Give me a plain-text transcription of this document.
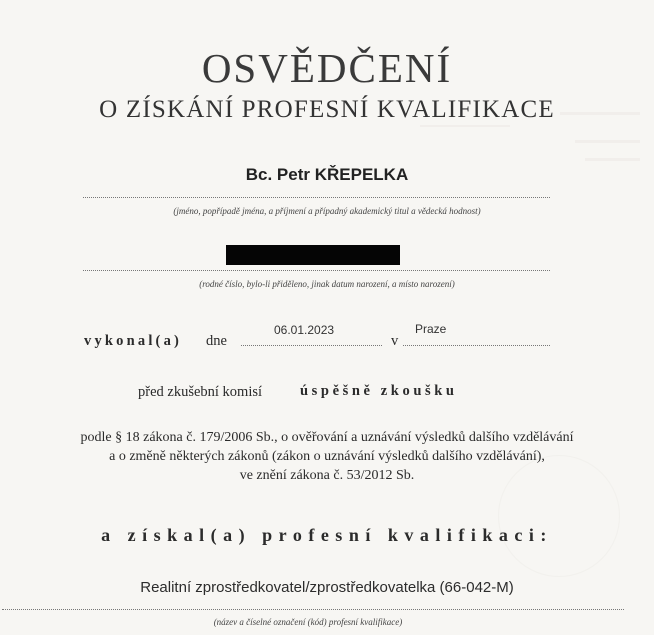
OSVĚDČENÍ
O ZÍSKÁNÍ PROFESNÍ KVALIFIKACE
Bc. Petr KŘEPELKA
(jméno, popřípadě jména, a příjmení a případný akademický titul a vědecká hodnost)
(rodné číslo, bylo-li přiděleno, jinak datum narození, a místo narození)
vykonal(a) dne
06.01.2023
v
Praze
před zkušební komisí	úspěšně zkoušku
podle § 18 zákona č. 179/2006 Sb., o ověřování a uznávání výsledků dalšího vzdělávání
a o změně některých zákonů (zákon o uznávání výsledků dalšího vzdělávání),
ve znění zákona č. 53/2012 Sb.
a získal(a) profesní kvalifikaci:
Realitní zprostředkovatel/zprostředkovatelka (66-042-M)
(název a číselné označení (kód) profesní kvalifikace)
